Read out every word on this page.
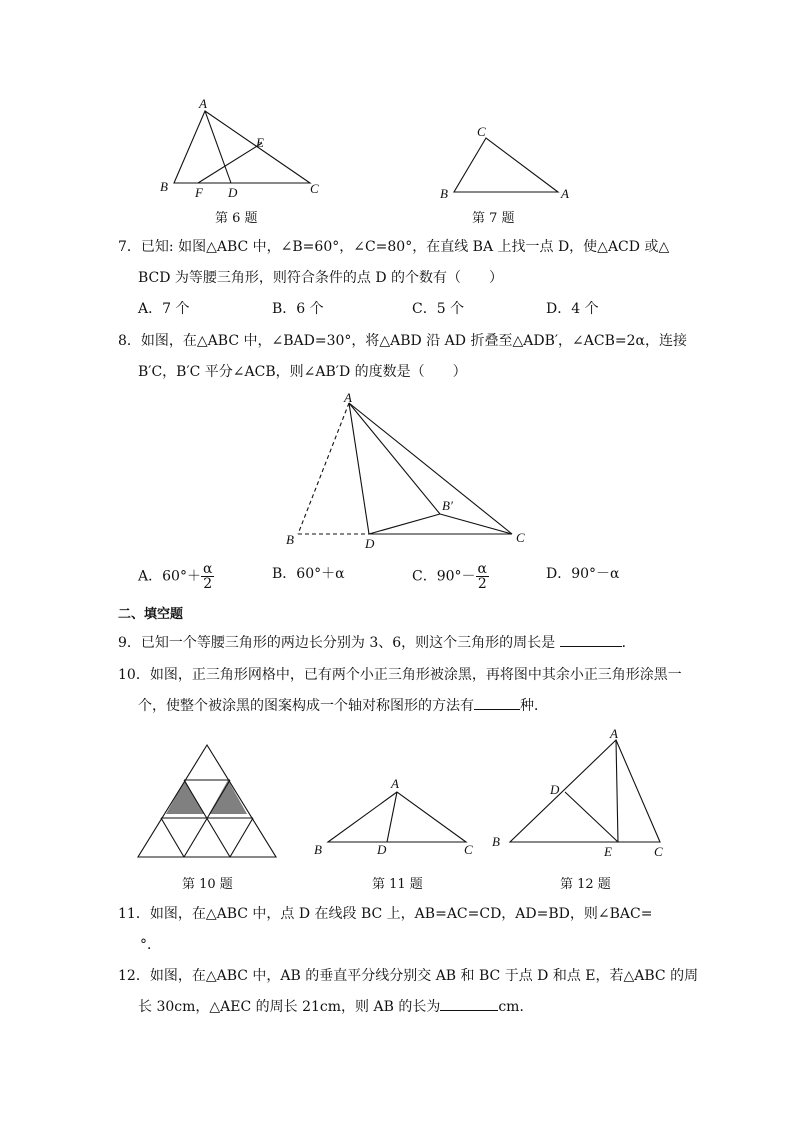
A
B	C
D
E
F
第 6 题
C
B	A
第 7 题
7．已知: 如图△ABC 中，∠B=60°，∠C=80°，在直线 BA 上找一点 D，使△ACD 或△
BCD 为等腰三角形，则符合条件的点 D 的个数有（　　）
A．7 个	B．6 个	C．5 个	D．4 个
8．如图，在△ABC 中，∠BAD=30°，将△ABD 沿 AD 折叠至△ADB′，∠ACB=2α，连接
B′C，B′C 平分∠ACB，则∠AB′D 的度数是（　　）
A
B
B′
C
D
A．$60^\circ+ \frac{\alpha}{2}$	B．60°＋α	C．$90^\circ- \frac{\alpha}{2}$	D．90°－α
二、填空题
9．已知一个等腰三角形的两边长分别为 3、6，则这个三角形的周长是	．
10．如图，正三角形网格中，已有两个小正三角形被涂黑，再将图中其余小正三角形涂黑一
个，使整个被涂黑的图案构成一个轴对称图形的方法有	种．
第 10 题
A
B	D	C
第 11 题
A
B
D
E	C
第 12 题
11．如图，在△ABC 中，点 D 在线段 BC 上，AB=AC=CD，AD=BD，则∠BAC=
°．
12．如图，在△ABC 中，AB 的垂直平分线分别交 AB 和 BC 于点 D 和点 E，若△ABC 的周
长 30cm，△AEC 的周长 21cm，则 AB 的长为	cm．
